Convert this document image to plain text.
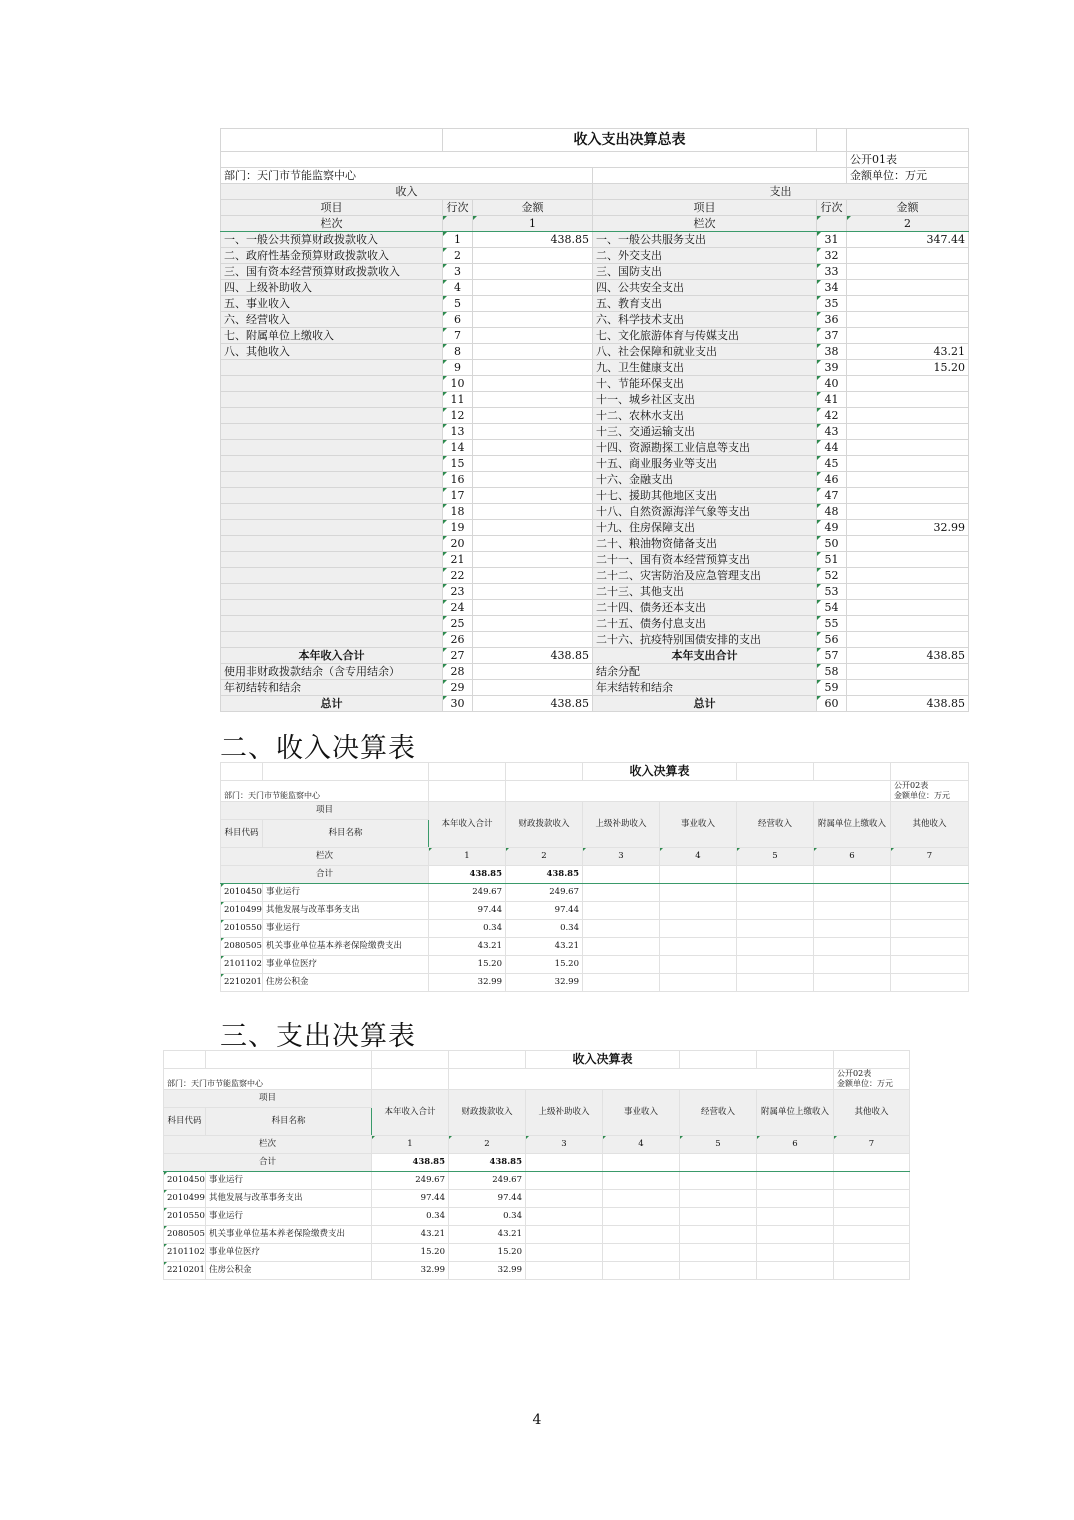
	收入支出决算总表				
					公开01表
部门：天门市节能监察中心					金额单位：万元
收入			支出		
项目	行次	金额	项目	行次	金额
栏次		1	栏次		2
一、一般公共预算财政拨款收入	1	438.85	一、一般公共服务支出	31	347.44
二、政府性基金预算财政拨款收入	2		二、外交支出	32	
三、国有资本经营预算财政拨款收入	3		三、国防支出	33	
四、上级补助收入	4		四、公共安全支出	34	
五、事业收入	5		五、教育支出	35	
六、经营收入	6		六、科学技术支出	36	
七、附属单位上缴收入	7		七、文化旅游体育与传媒支出	37	
八、其他收入	8		八、社会保障和就业支出	38	43.21
	9		九、卫生健康支出	39	15.20
	10		十、节能环保支出	40	
	11		十一、城乡社区支出	41	
	12		十二、农林水支出	42	
	13		十三、交通运输支出	43	
	14		十四、资源勘探工业信息等支出	44	
	15		十五、商业服务业等支出	45	
	16		十六、金融支出	46	
	17		十七、援助其他地区支出	47	
	18		十八、自然资源海洋气象等支出	48	
	19		十九、住房保障支出	49	32.99
	20		二十、粮油物资储备支出	50	
	21		二十一、国有资本经营预算支出	51	
	22		二十二、灾害防治及应急管理支出	52	
	23		二十三、其他支出	53	
	24		二十四、债务还本支出	54	
	25		二十五、债务付息支出	55	
	26		二十六、抗疫特别国债安排的支出	56	
本年收入合计	27	438.85	本年支出合计	57	438.85
使用非财政拨款结余（含专用结余）	28		结余分配	58	
年初结转和结余	29		年末结转和结余	59	
总计	30	438.85	总计	60	438.85
二、收入决算表
				收入决算表					
部门：天门市节能监察中心								公开02表
金额单位：万元	

项目		本年收入合计	财政拨款收入	上级补助收入	事业收入	经营收入	附属单位上缴收入	其他收入	
科目代码	科目名称								
栏次		1	2	3	4	5	6	7	
合计		438.85	438.85						
2010450	事业运行	249.67	249.67						
2010499	其他发展与改革事务支出	97.44	97.44						
2010550	事业运行	0.34	0.34						
2080505	机关事业单位基本养老保险缴费支出	43.21	43.21						
2101102	事业单位医疗	15.20	15.20						
2210201	住房公积金	32.99	32.99						
三、支出决算表
				收入决算表					
部门：天门市节能监察中心								公开02表
金额单位：万元	

项目		本年收入合计	财政拨款收入	上级补助收入	事业收入	经营收入	附属单位上缴收入	其他收入	
科目代码	科目名称								
栏次		1	2	3	4	5	6	7	
合计		438.85	438.85						
2010450	事业运行	249.67	249.67						
2010499	其他发展与改革事务支出	97.44	97.44						
2010550	事业运行	0.34	0.34						
2080505	机关事业单位基本养老保险缴费支出	43.21	43.21						
2101102	事业单位医疗	15.20	15.20						
2210201	住房公积金	32.99	32.99						
4
